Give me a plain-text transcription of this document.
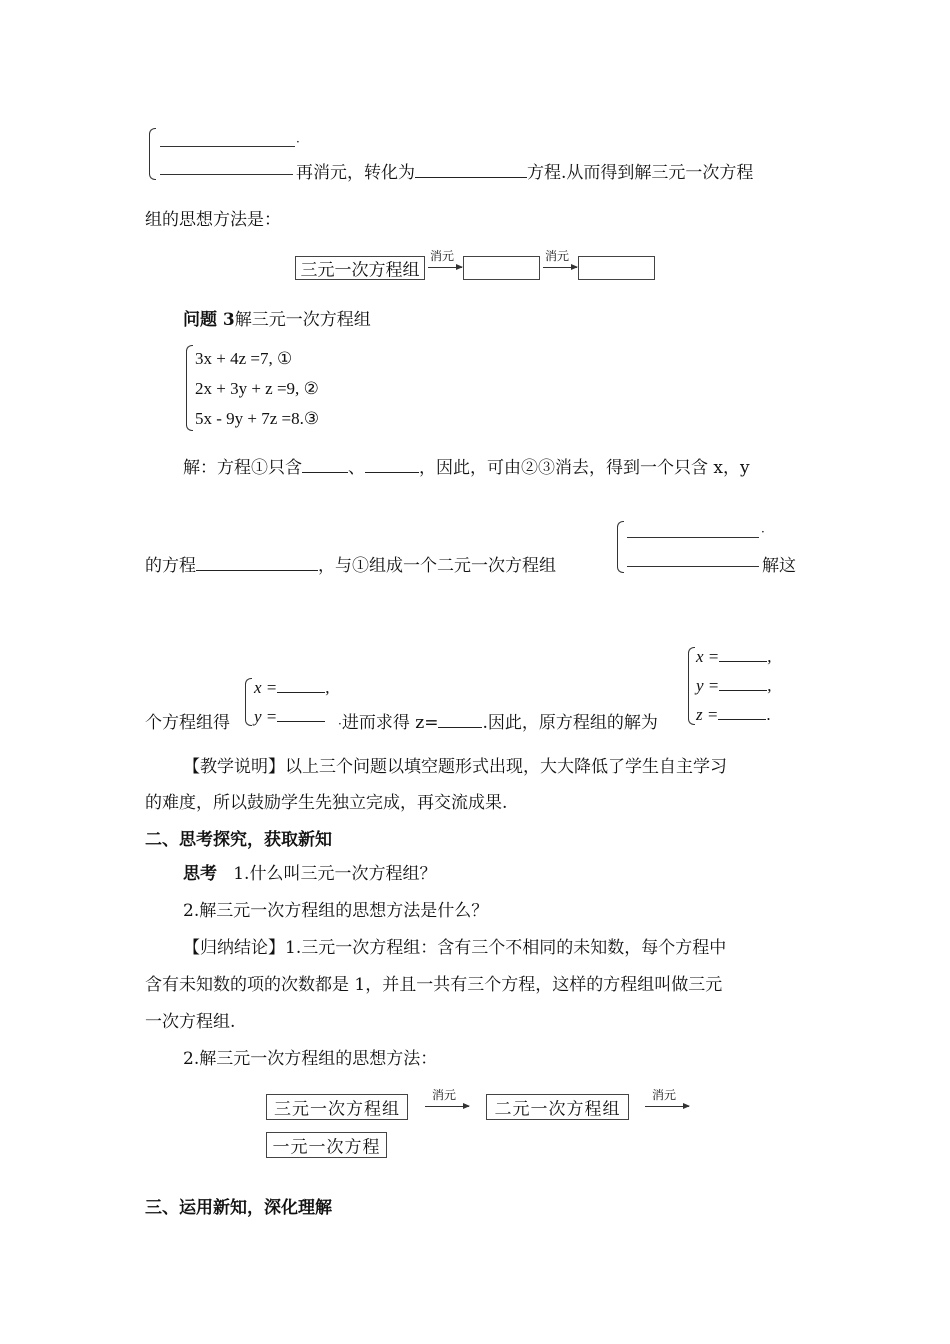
·
再消元，转化为	方程.从而得到解三元一次方程
组的思想方法是：
三元一次方程组
消元	消元
问题 3解三元一次方程组
3x + 4z =7, ①
2x + 3y + z =9, ②
5x - 9y + 7z =8.③
解：方程①只含	、	，因此，可由②③消去，得到一个只含 x，y
的方程	，与①组成一个二元一次方程组
·
解这
x =	,
y =
个方程组得	·进而求得 z=	.因此，原方程组的解为
x =	,
y =	,
z =	.
【教学说明】以上三个问题以填空题形式出现，大大降低了学生自主学习
的难度，所以鼓励学生先独立完成，再交流成果.
二、思考探究，获取新知
思考 1.什么叫三元一次方程组？
2.解三元一次方程组的思想方法是什么？
【归纳结论】1.三元一次方程组：含有三个不相同的未知数，每个方程中
含有未知数的项的次数都是 1，并且一共有三个方程，这样的方程组叫做三元
一次方程组.
2.解三元一次方程组的思想方法：
三元一次方程组
消元
二元一次方程组
消元
一元一次方程
三、运用新知，深化理解
